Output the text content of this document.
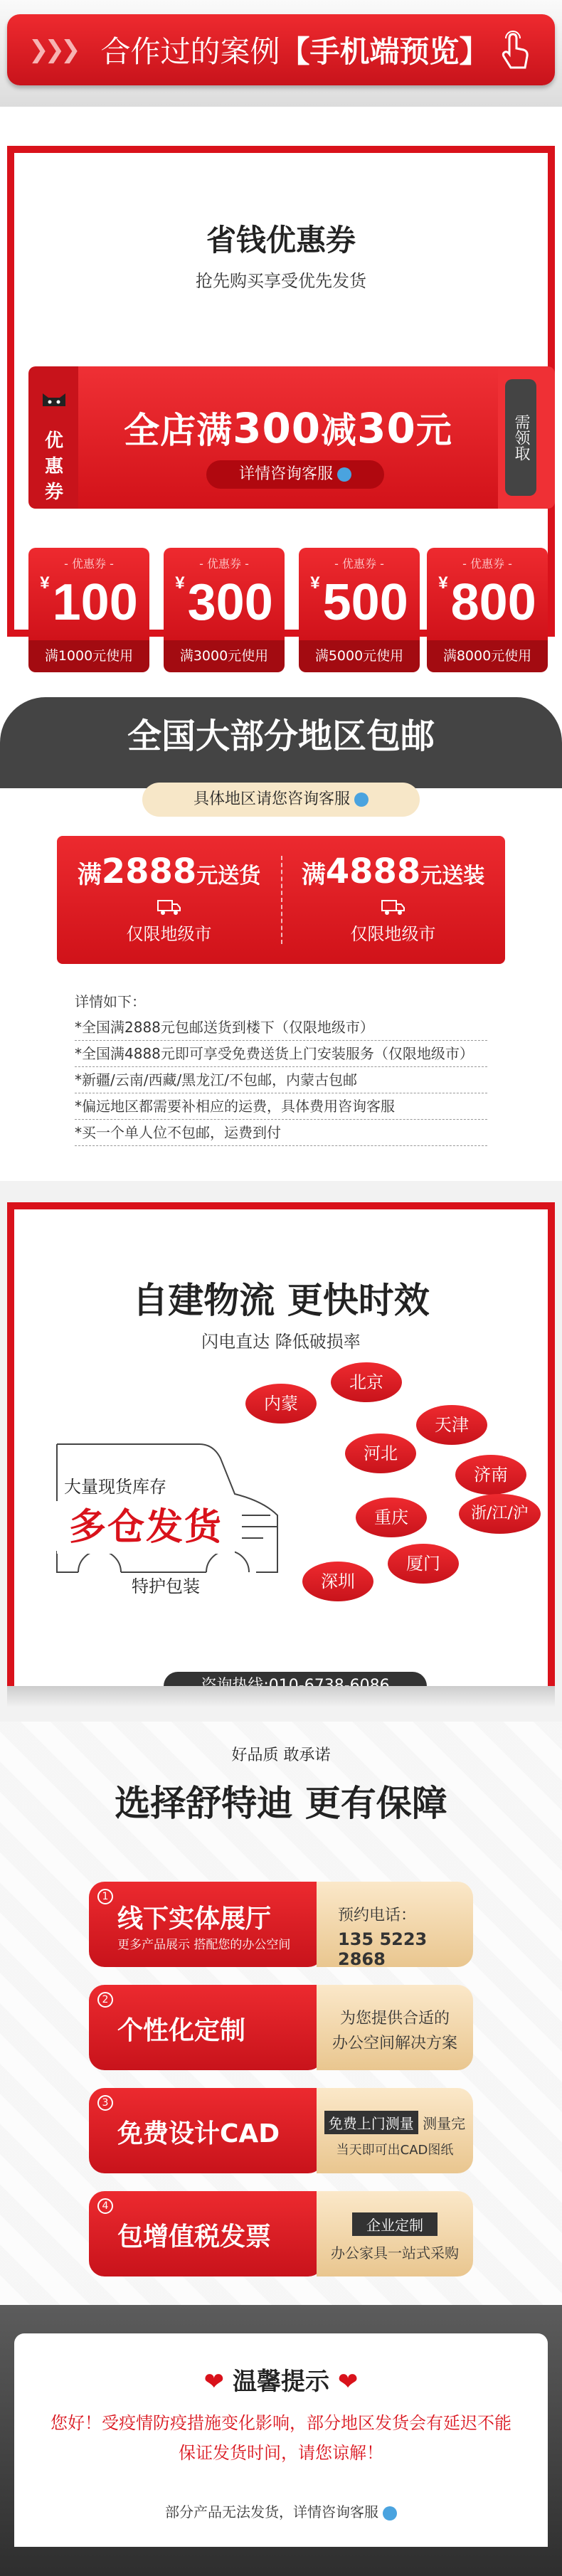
❯❯❯ 合作过的案例【手机端预览】
省钱优惠券
抢先购买享受优先发货
优惠券
全店满300减30元
详情咨询客服
需领取
- 优惠券 -
¥100
满1000元使用
- 优惠券 -
¥300
满3000元使用
- 优惠券 -
¥500
满5000元使用
- 优惠券 -
¥800
满8000元使用
全国大部分地区包邮
具体地区请您咨询客服
满2888元送货
仅限地级市
满4888元送装
仅限地级市
详情如下：
*全国满2888元包邮送货到楼下（仅限地级市）
*全国满4888元即可享受免费送货上门安装服务（仅限地级市）
*新疆/云南/西藏/黑龙江/不包邮，内蒙古包邮
*偏远地区都需要补相应的运费，具体费用咨询客服
*买一个单人位不包邮，运费到付
自建物流 更快时效
闪电直达 降低破损率
大量现货库存
多仓发货
特护包装
内蒙
北京
天津
河北
济南
重庆	浙/江/沪
厦门
深圳
好品质 敢承诺
选择舒特迪 更有保障
1
线下实体展厅
更多产品展示 搭配您的办公空间
预约电话：
135 5223 2868
2
个性化定制	为您提供合适的
办公空间解决方案
3
免费设计CAD	免费上门测量 测量完
当天即可出CAD图纸
4
包增值税发票	企业定制
办公家具一站式采购
❤ 温馨提示 ❤
您好！受疫情防疫措施变化影响，部分地区发货会有延迟不能保证发货时间，请您谅解！
部分产品无法发货，详情咨询客服
